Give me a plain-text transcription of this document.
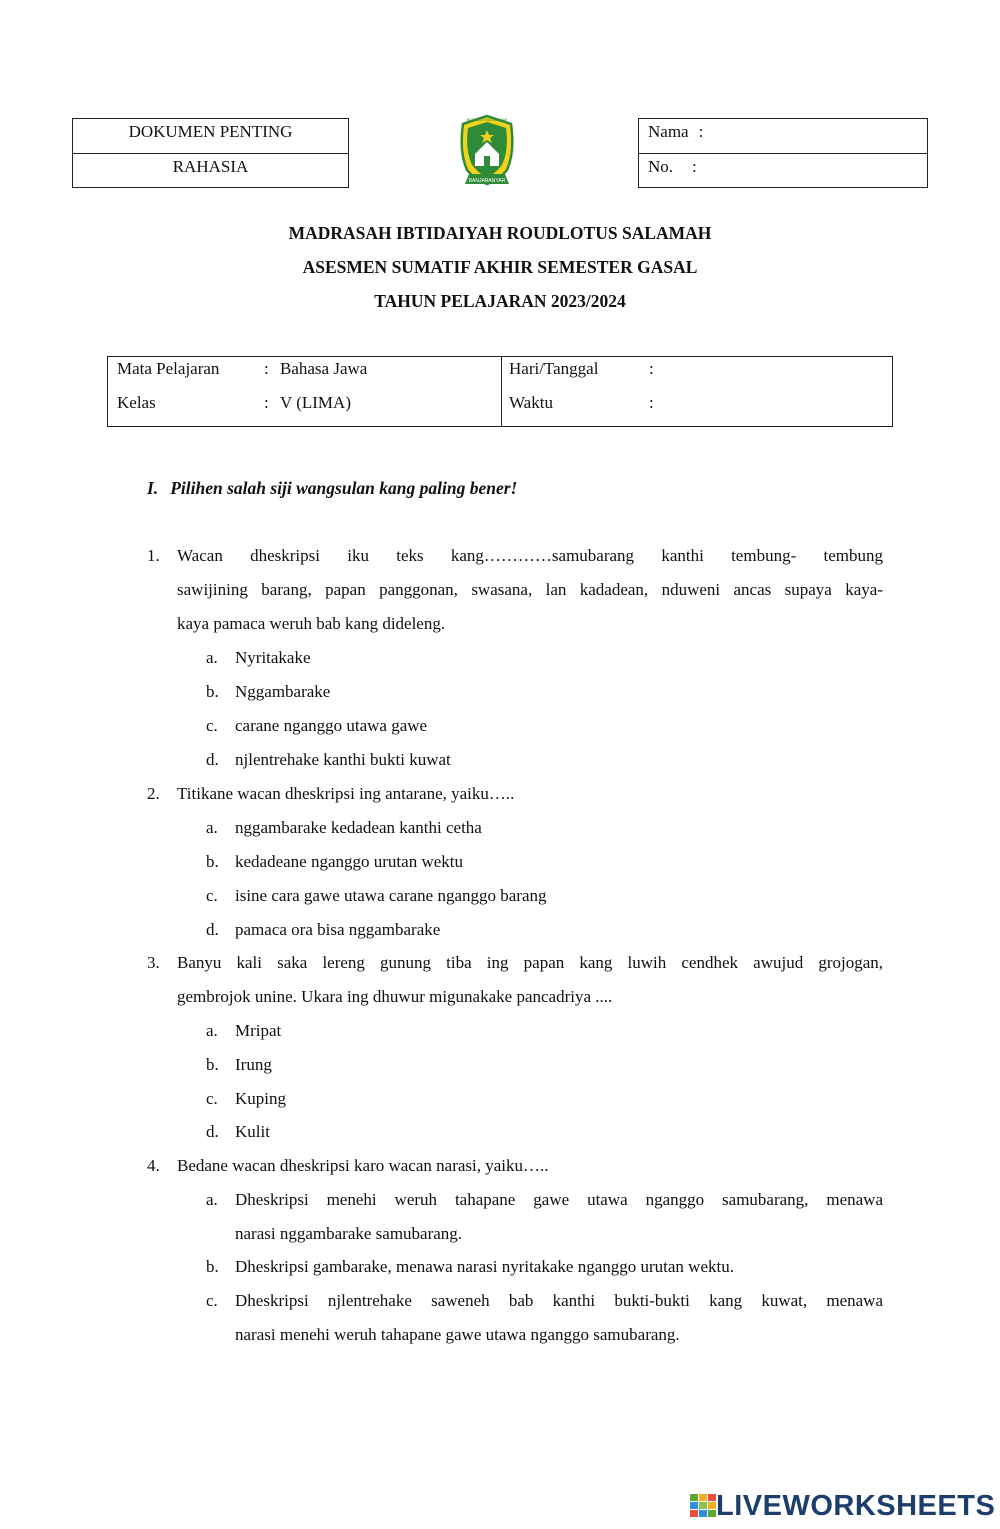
DOKUMEN PENTING
RAHASIA
BANJARANYAR
MI ROUDLOTUS SALAMAH
Nama :
No. :
MADRASAH IBTIDAIYAH ROUDLOTUS SALAMAH
ASESMEN SUMATIF AKHIR SEMESTER GASAL
TAHUN PELAJARAN 2023/2024
Mata Pelajaran	: Bahasa Jawa
Kelas	: V (LIMA)
Hari/Tanggal	:
Waktu	:
I. Pilihen salah siji wangsulan kang paling bener!
1. Wacan dheskripsi iku teks kang…………samubarang kanthi tembung- tembung
sawijining barang, papan panggonan, swasana, lan kadadean, nduweni ancas supaya kaya-
kaya pamaca weruh bab kang dideleng.
a. Nyritakake
b. Nggambarake
c. carane nganggo utawa gawe
d. njlentrehake kanthi bukti kuwat
2. Titikane wacan dheskripsi ing antarane, yaiku…..
a. nggambarake kedadean kanthi cetha
b. kedadeane nganggo urutan wektu
c. isine cara gawe utawa carane nganggo barang
d. pamaca ora bisa nggambarake
3. Banyu kali saka lereng gunung tiba ing papan kang luwih cendhek awujud grojogan,
gembrojok unine. Ukara ing dhuwur migunakake pancadriya ....
a. Mripat
b. Irung
c. Kuping
d. Kulit
4. Bedane wacan dheskripsi karo wacan narasi, yaiku…..
a. Dheskripsi menehi weruh tahapane gawe utawa nganggo samubarang, menawa
narasi nggambarake samubarang.
b. Dheskripsi gambarake, menawa narasi nyritakake nganggo urutan wektu.
c. Dheskripsi njlentrehake saweneh bab kanthi bukti-bukti kang kuwat, menawa
narasi menehi weruh tahapane gawe utawa nganggo samubarang.
LIVEWORKSHEETS
